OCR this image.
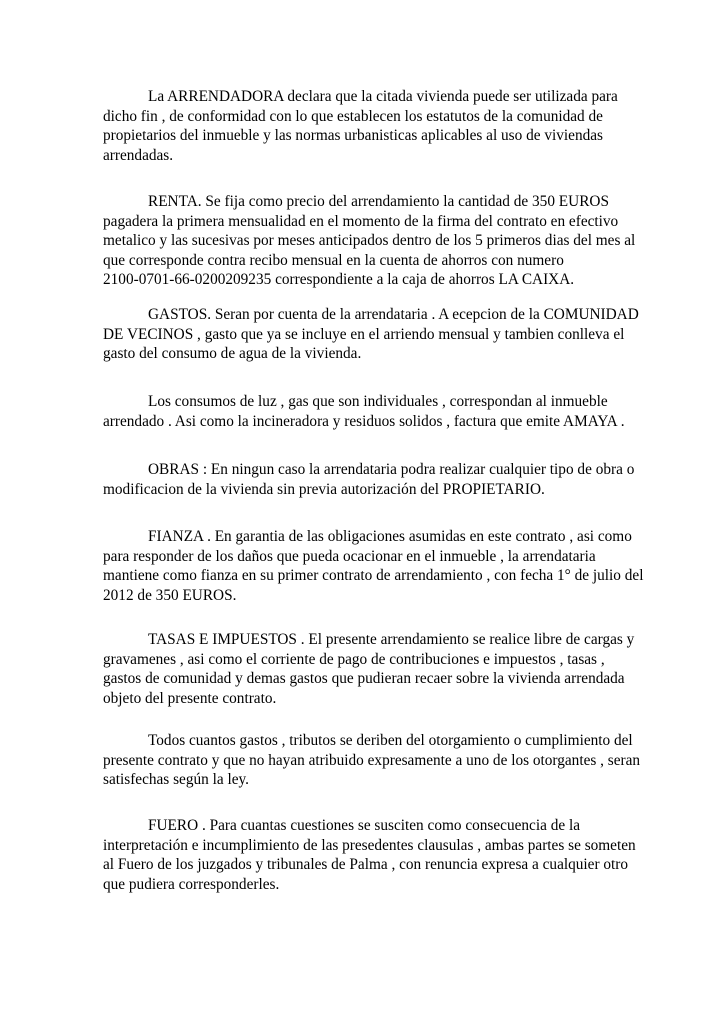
La ARRENDADORA declara que la citada vivienda puede ser utilizada para
dicho fin , de conformidad con lo que establecen los estatutos de la comunidad de
propietarios del inmueble y las normas urbanisticas aplicables al uso de viviendas
arrendadas.

RENTA. Se fija como precio del arrendamiento la cantidad de 350 EUROS
pagadera la primera mensualidad en el momento de la firma del contrato en efectivo
metalico y las sucesivas por meses anticipados dentro de los 5 primeros dias del mes al
que corresponde contra recibo mensual en la cuenta de ahorros con numero
2100-0701-66-0200209235 correspondiente a la caja de ahorros LA CAIXA.

GASTOS. Seran por cuenta de la arrendataria . A ecepcion de la COMUNIDAD
DE VECINOS , gasto que ya se incluye en el arriendo mensual y tambien conlleva el
gasto del consumo de agua de la vivienda.

Los consumos de luz , gas que son individuales , correspondan al inmueble
arrendado . Asi como la incineradora y residuos solidos , factura que emite AMAYA .

OBRAS : En ningun caso la arrendataria podra realizar cualquier tipo de obra o
modificacion de la vivienda sin previa autorización del PROPIETARIO.

FIANZA . En garantia de las obligaciones asumidas en este contrato , asi como
para responder de los daños que pueda ocacionar en el inmueble , la arrendataria
mantiene como fianza en su primer contrato de arrendamiento , con fecha 1° de julio del
2012 de 350 EUROS.

TASAS E IMPUESTOS . El presente arrendamiento se realice libre de cargas y
gravamenes , asi como el corriente de pago de contribuciones e impuestos , tasas ,
gastos de comunidad y demas gastos que pudieran recaer sobre la vivienda arrendada
objeto del presente contrato.

Todos cuantos gastos , tributos se deriben del otorgamiento o cumplimiento del
presente contrato y que no hayan atribuido expresamente a uno de los otorgantes , seran
satisfechas según la ley.

FUERO . Para cuantas cuestiones se susciten como consecuencia de la
interpretación e incumplimiento de las presedentes clausulas , ambas partes se someten
al Fuero de los juzgados y tribunales de Palma , con renuncia expresa a cualquier otro
que pudiera corresponderles.
